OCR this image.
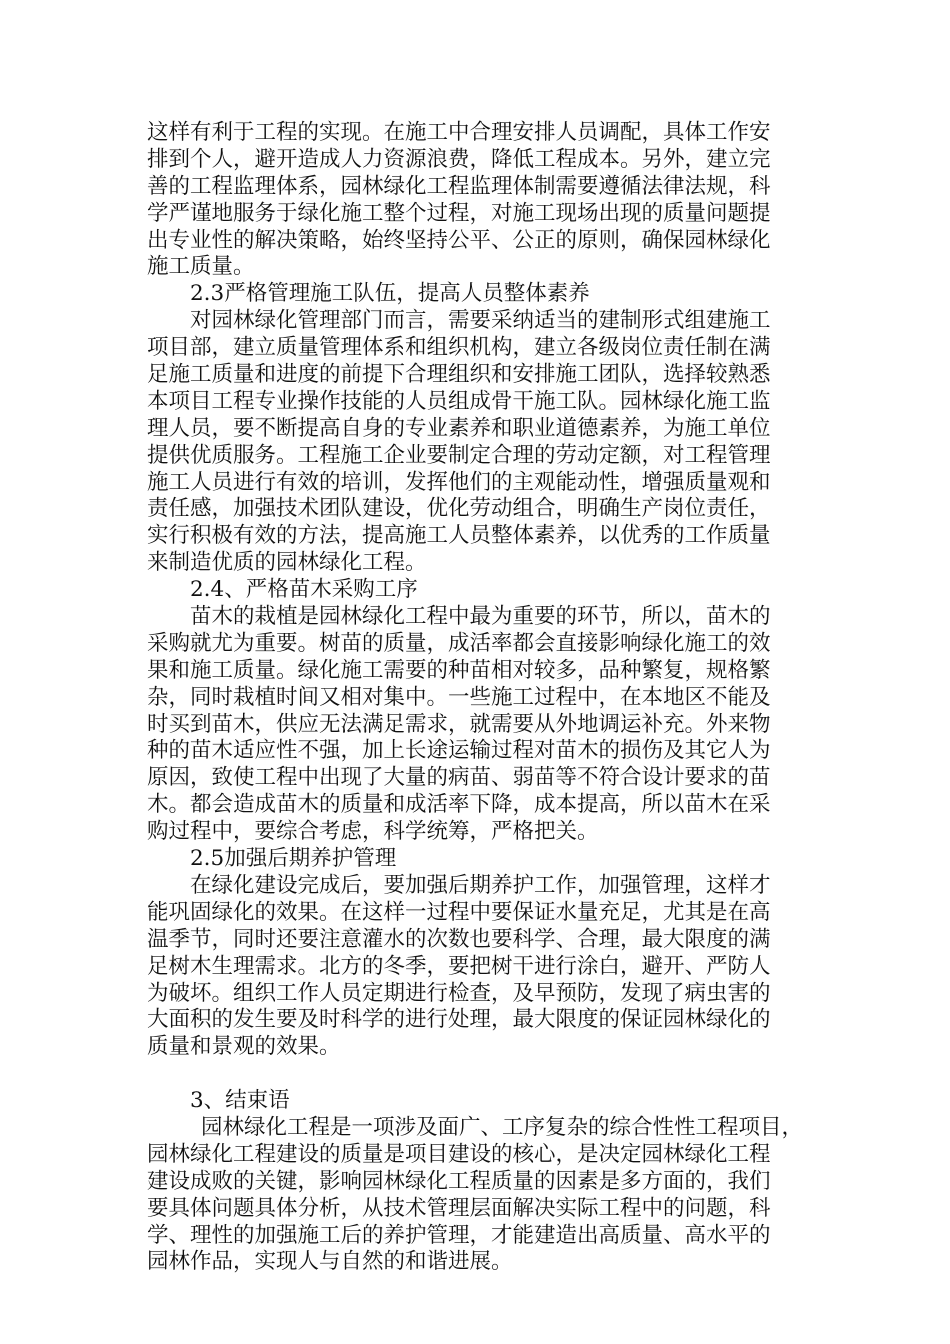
这样有利于工程的实现。在施工中合理安排人员调配，具体工作安
排到个人，避开造成人力资源浪费，降低工程成本。另外，建立完
善的工程监理体系，园林绿化工程监理体制需要遵循法律法规，科
学严谨地服务于绿化施工整个过程，对施工现场出现的质量问题提
出专业性的解决策略，始终坚持公平、公正的原则，确保园林绿化
施工质量。
2.3严格管理施工队伍，提高人员整体素养
对园林绿化管理部门而言，需要采纳适当的建制形式组建施工
项目部，建立质量管理体系和组织机构，建立各级岗位责任制在满
足施工质量和进度的前提下合理组织和安排施工团队，选择较熟悉
本项目工程专业操作技能的人员组成骨干施工队。园林绿化施工监
理人员，要不断提高自身的专业素养和职业道德素养，为施工单位
提供优质服务。工程施工企业要制定合理的劳动定额，对工程管理
施工人员进行有效的培训，发挥他们的主观能动性，增强质量观和
责任感，加强技术团队建设，优化劳动组合，明确生产岗位责任，
实行积极有效的方法，提高施工人员整体素养，以优秀的工作质量
来制造优质的园林绿化工程。
2.4、严格苗木采购工序
苗木的栽植是园林绿化工程中最为重要的环节，所以，苗木的
采购就尤为重要。树苗的质量，成活率都会直接影响绿化施工的效
果和施工质量。绿化施工需要的种苗相对较多，品种繁复，规格繁
杂，同时栽植时间又相对集中。一些施工过程中，在本地区不能及
时买到苗木，供应无法满足需求，就需要从外地调运补充。外来物
种的苗木适应性不强，加上长途运输过程对苗木的损伤及其它人为
原因，致使工程中出现了大量的病苗、弱苗等不符合设计要求的苗
木。都会造成苗木的质量和成活率下降，成本提高，所以苗木在采
购过程中，要综合考虑，科学统筹，严格把关。
2.5加强后期养护管理
在绿化建设完成后，要加强后期养护工作，加强管理，这样才
能巩固绿化的效果。在这样一过程中要保证水量充足，尤其是在高
温季节，同时还要注意灌水的次数也要科学、合理，最大限度的满
足树木生理需求。北方的冬季，要把树干进行涂白，避开、严防人
为破坏。组织工作人员定期进行检查，及早预防，发现了病虫害的
大面积的发生要及时科学的进行处理，最大限度的保证园林绿化的
质量和景观的效果。
3、结束语
园林绿化工程是一项涉及面广、工序复杂的综合性性工程项目，
园林绿化工程建设的质量是项目建设的核心，是决定园林绿化工程
建设成败的关键，影响园林绿化工程质量的因素是多方面的，我们
要具体问题具体分析，从技术管理层面解决实际工程中的问题，科
学、理性的加强施工后的养护管理，才能建造出高质量、高水平的
园林作品，实现人与自然的和谐进展。
